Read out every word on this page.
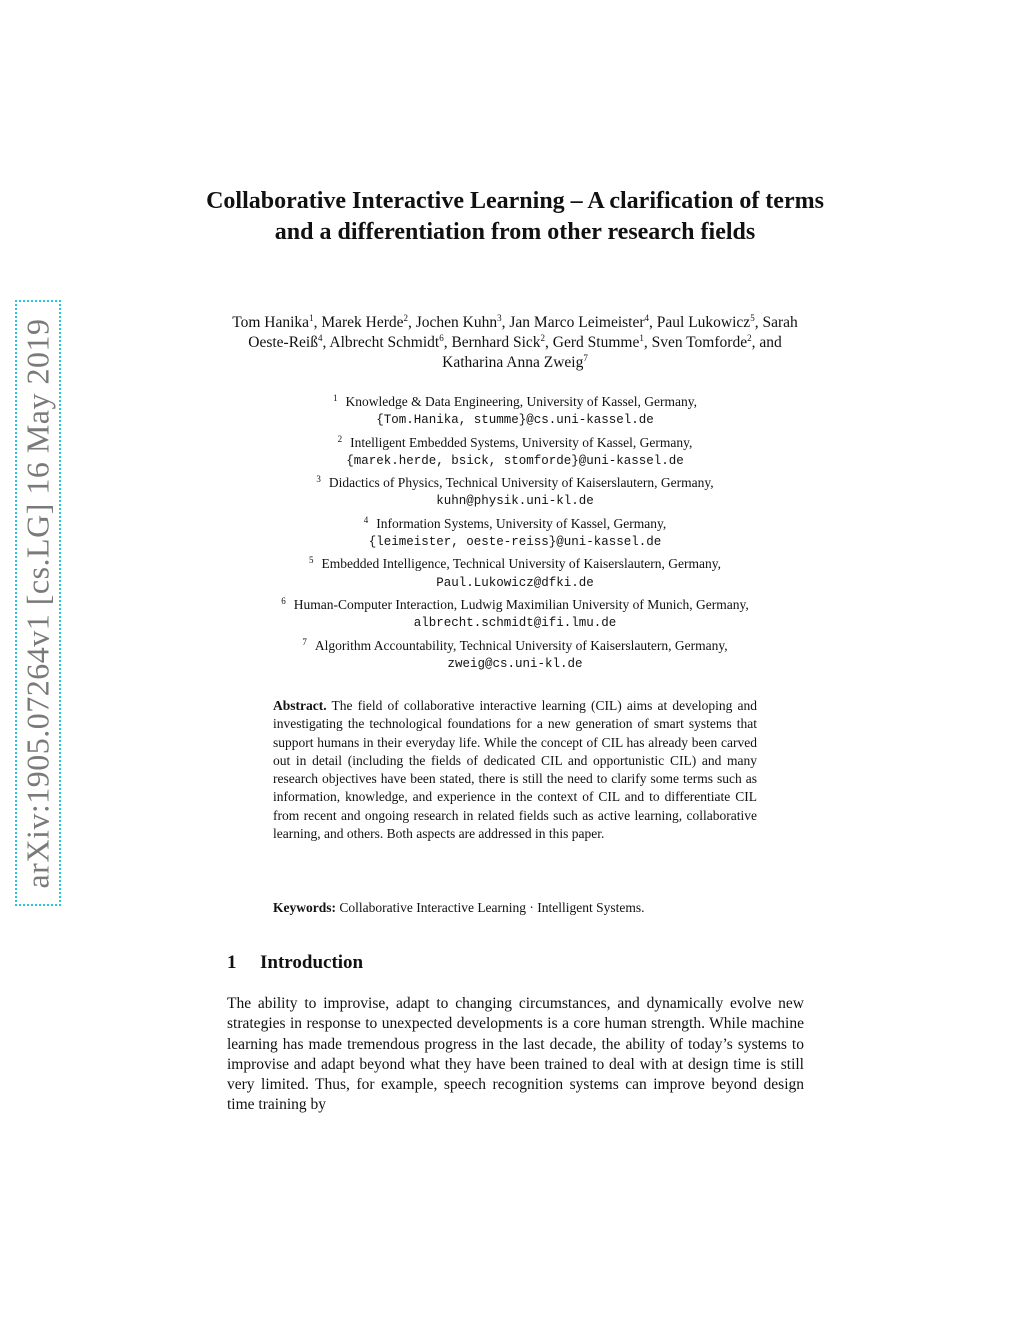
arXiv:1905.07264v1 [cs.LG] 16 May 2019
Collaborative Interactive Learning – A clarification of terms and a differentiation from other research fields
Tom Hanika$^1$, Marek Herde$^2$, Jochen Kuhn$^3$, Jan Marco Leimeister$^4$, Paul Lukowicz$^5$, Sarah Oeste-Reiß$^4$, Albrecht Schmidt$^6$, Bernhard Sick$^2$, Gerd Stumme$^1$, Sven Tomforde$^2$, and Katharina Anna Zweig$^7$
$^1$ Knowledge & Data Engineering, University of Kassel, Germany,
{Tom.Hanika, stumme}@cs.uni-kassel.de
$^2$ Intelligent Embedded Systems, University of Kassel, Germany,
{marek.herde, bsick, stomforde}@uni-kassel.de
$^3$ Didactics of Physics, Technical University of Kaiserslautern, Germany,
kuhn@physik.uni-kl.de
$^4$ Information Systems, University of Kassel, Germany,
{leimeister, oeste-reiss}@uni-kassel.de
$^5$ Embedded Intelligence, Technical University of Kaiserslautern, Germany,
Paul.Lukowicz@dfki.de
$^6$ Human-Computer Interaction, Ludwig Maximilian University of Munich, Germany,
albrecht.schmidt@ifi.lmu.de
$^7$ Algorithm Accountability, Technical University of Kaiserslautern, Germany,
zweig@cs.uni-kl.de
Abstract. The field of collaborative interactive learning (CIL) aims at developing and investigating the technological foundations for a new generation of smart systems that support humans in their everyday life. While the concept of CIL has already been carved out in detail (including the fields of dedicated CIL and opportunistic CIL) and many research objectives have been stated, there is still the need to clarify some terms such as information, knowledge, and experience in the context of CIL and to differentiate CIL from recent and ongoing research in related fields such as active learning, collaborative learning, and others. Both aspects are addressed in this paper.
Keywords: Collaborative Interactive Learning · Intelligent Systems.
1 Introduction

The ability to improvise, adapt to changing circumstances, and dynamically evolve new strategies in response to unexpected developments is a core human strength. While machine learning has made tremendous progress in the last decade, the ability of today’s systems to improvise and adapt beyond what they have been trained to deal with at design time is still very limited. Thus, for example, speech recognition systems can improve beyond design time training by
